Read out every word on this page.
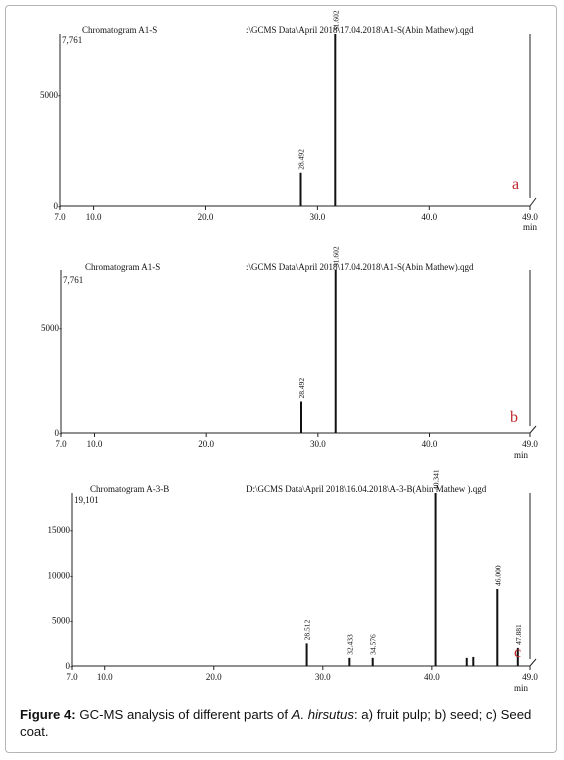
7.0 10.0	20.0	30.0	40.0	49.0
5000-
0-
28.492
31.602
Chromatogram A1-S	:\GCMS Data\April 2018\17.04.2018\A1-S(Abin Mathew).qgd
7,761
min
a
7.0 10.0	20.0	30.0	40.0	49.0
5000-
0-
28.492
31.602
Chromatogram A1-S	:\GCMS Data\April 2018\17.04.2018\A1-S(Abin Mathew).qgd
7,761
min
b
7.0 10.0	20.0	30.0	40.0	49.0
15000-
10000-
5000-
0-
28.512
32.433 34.576
40.341
46.000
47.881
Chromatogram A-3-B	D:\GCMS Data\April 2018\16.04.2018\A-3-B(Abin Mathew ).qgd
19,101
min
c
Figure 4: GC-MS analysis of different parts of A. hirsutus: a) fruit pulp; b) seed; c) Seed coat.
